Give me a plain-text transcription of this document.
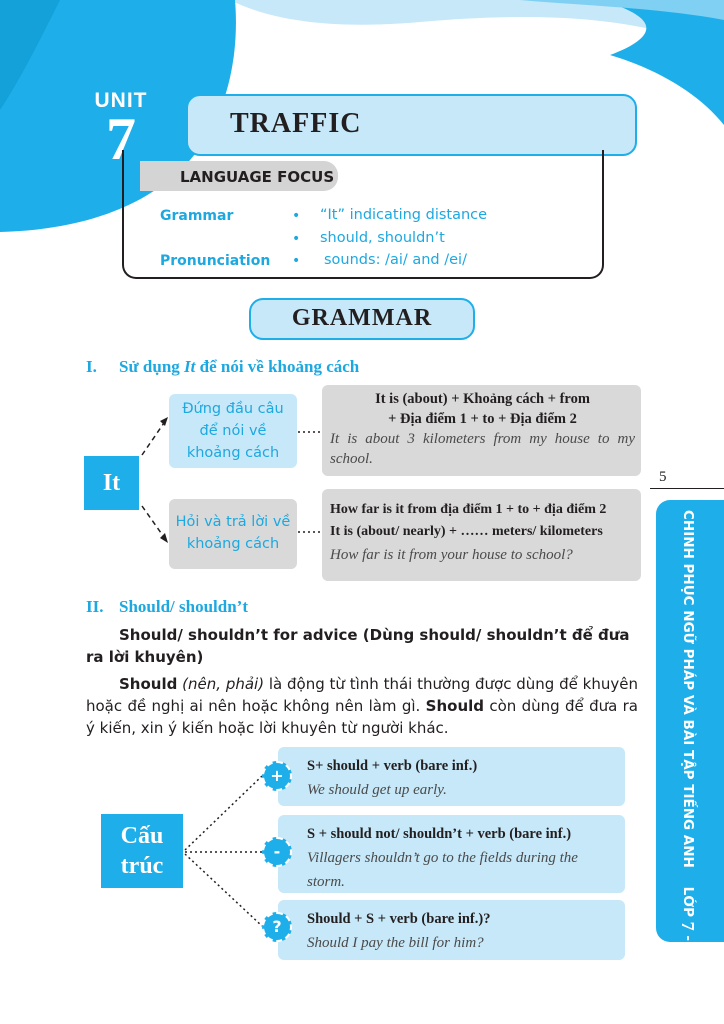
UNIT
7	TRAFFIC
LANGUAGE FOCUS
Grammar	• “It” indicating distance
• should, shouldn’t
Pronunciation • sounds: /ai/ and /ei/
GRAMMAR
I. Sử dụng It để nói về khoảng cách
It
Đứng đầu câu để nói về khoảng cách
Hỏi và trả lời về khoảng cách
It is (about) + Khoảng cách + from
+ Địa điểm 1 + to + Địa điểm 2
It is about 3 kilometers from my house to my school.
How far is it from địa điểm 1 + to + địa điểm 2
It is (about/ nearly) + …… meters/ kilometers
How far is it from your house to school?
II. Should/ shouldn’t
Should/ shouldn’t for advice (Dùng should/ shouldn’t để đưa ra lời khuyên)
Should (nên, phải) là động từ tình thái thường được dùng để khuyên hoặc đề nghị ai nên hoặc không nên làm gì. Should còn dùng để đưa ra ý kiến, xin ý kiến hoặc lời khuyên từ người khác.
Cấu
trúc
S+ should + verb (bare inf.)
We should get up early.
S + should not/ shouldn’t + verb (bare inf.)
Villagers shouldn’t go to the fields during the storm.
Should + S + verb (bare inf.)?
Should I pay the bill for him?
+
-
?
5
CHINH PHỤC NGỮ PHÁP VÀ BÀI TẬP TIẾNG ANH    LỚP 7 - TẬP 2
